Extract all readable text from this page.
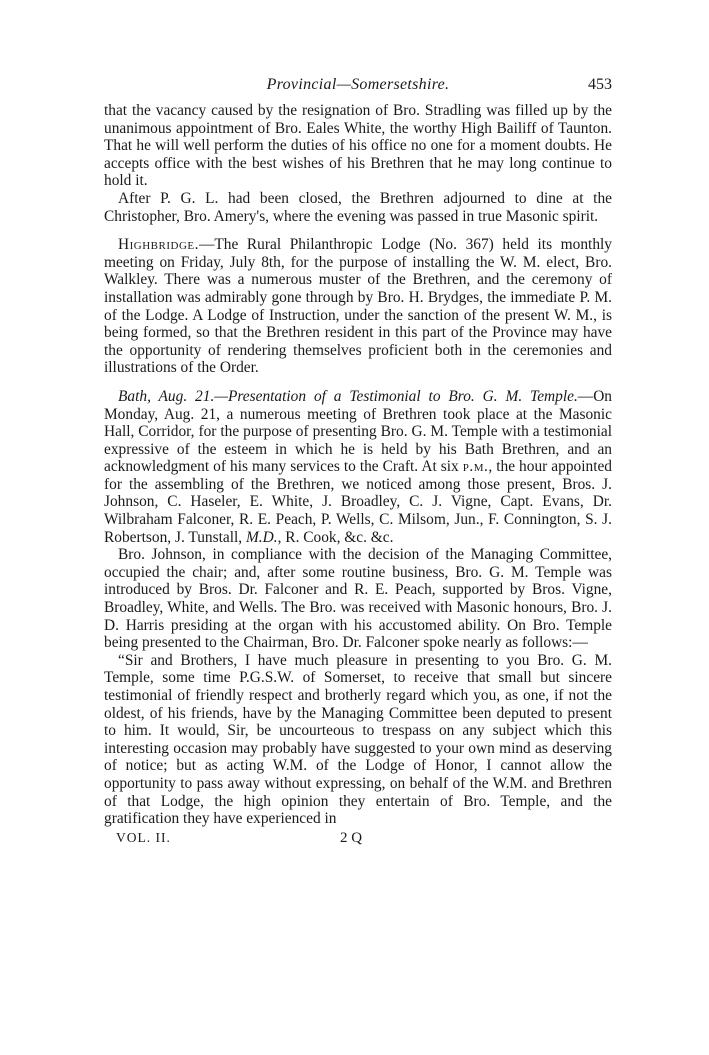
Provincial—Somersetshire.	453

that the vacancy caused by the resignation of Bro. Stradling was filled up by the unanimous appointment of Bro. Eales White, the worthy High Bailiff of Taunton. That he will well perform the duties of his office no one for a moment doubts. He accepts office with the best wishes of his Brethren that he may long continue to hold it.

After P. G. L. had been closed, the Brethren adjourned to dine at the Christopher, Bro. Amery's, where the evening was passed in true Masonic spirit.

Highbridge.—The Rural Philanthropic Lodge (No. 367) held its monthly meeting on Friday, July 8th, for the purpose of installing the W. M. elect, Bro. Walkley. There was a numerous muster of the Brethren, and the ceremony of installation was admirably gone through by Bro. H. Brydges, the immediate P. M. of the Lodge. A Lodge of Instruction, under the sanction of the present W. M., is being formed, so that the Brethren resident in this part of the Province may have the opportunity of rendering themselves proficient both in the ceremonies and illustrations of the Order.

Bath, Aug. 21.—Presentation of a Testimonial to Bro. G. M. Temple.—On Monday, Aug. 21, a numerous meeting of Brethren took place at the Masonic Hall, Corridor, for the purpose of presenting Bro. G. M. Temple with a testimonial expressive of the esteem in which he is held by his Bath Brethren, and an acknowledgment of his many services to the Craft. At six p.m., the hour appointed for the assembling of the Brethren, we noticed among those present, Bros. J. Johnson, C. Haseler, E. White, J. Broadley, C. J. Vigne, Capt. Evans, Dr. Wilbraham Falconer, R. E. Peach, P. Wells, C. Milsom, Jun., F. Connington, S. J. Robertson, J. Tunstall, M.D., R. Cook, &c. &c.

Bro. Johnson, in compliance with the decision of the Managing Committee, occupied the chair; and, after some routine business, Bro. G. M. Temple was introduced by Bros. Dr. Falconer and R. E. Peach, supported by Bros. Vigne, Broadley, White, and Wells. The Bro. was received with Masonic honours, Bro. J. D. Harris presiding at the organ with his accustomed ability. On Bro. Temple being presented to the Chairman, Bro. Dr. Falconer spoke nearly as follows:—

“Sir and Brothers, I have much pleasure in presenting to you Bro. G. M. Temple, some time P.G.S.W. of Somerset, to receive that small but sincere testimonial of friendly respect and brotherly regard which you, as one, if not the oldest, of his friends, have by the Managing Committee been deputed to present to him. It would, Sir, be uncourteous to trespass on any subject which this interesting occasion may probably have suggested to your own mind as deserving of notice; but as acting W.M. of the Lodge of Honor, I cannot allow the opportunity to pass away without expressing, on behalf of the W.M. and Brethren of that Lodge, the high opinion they entertain of Bro. Temple, and the gratification they have experienced in

VOL. II.	2 Q
